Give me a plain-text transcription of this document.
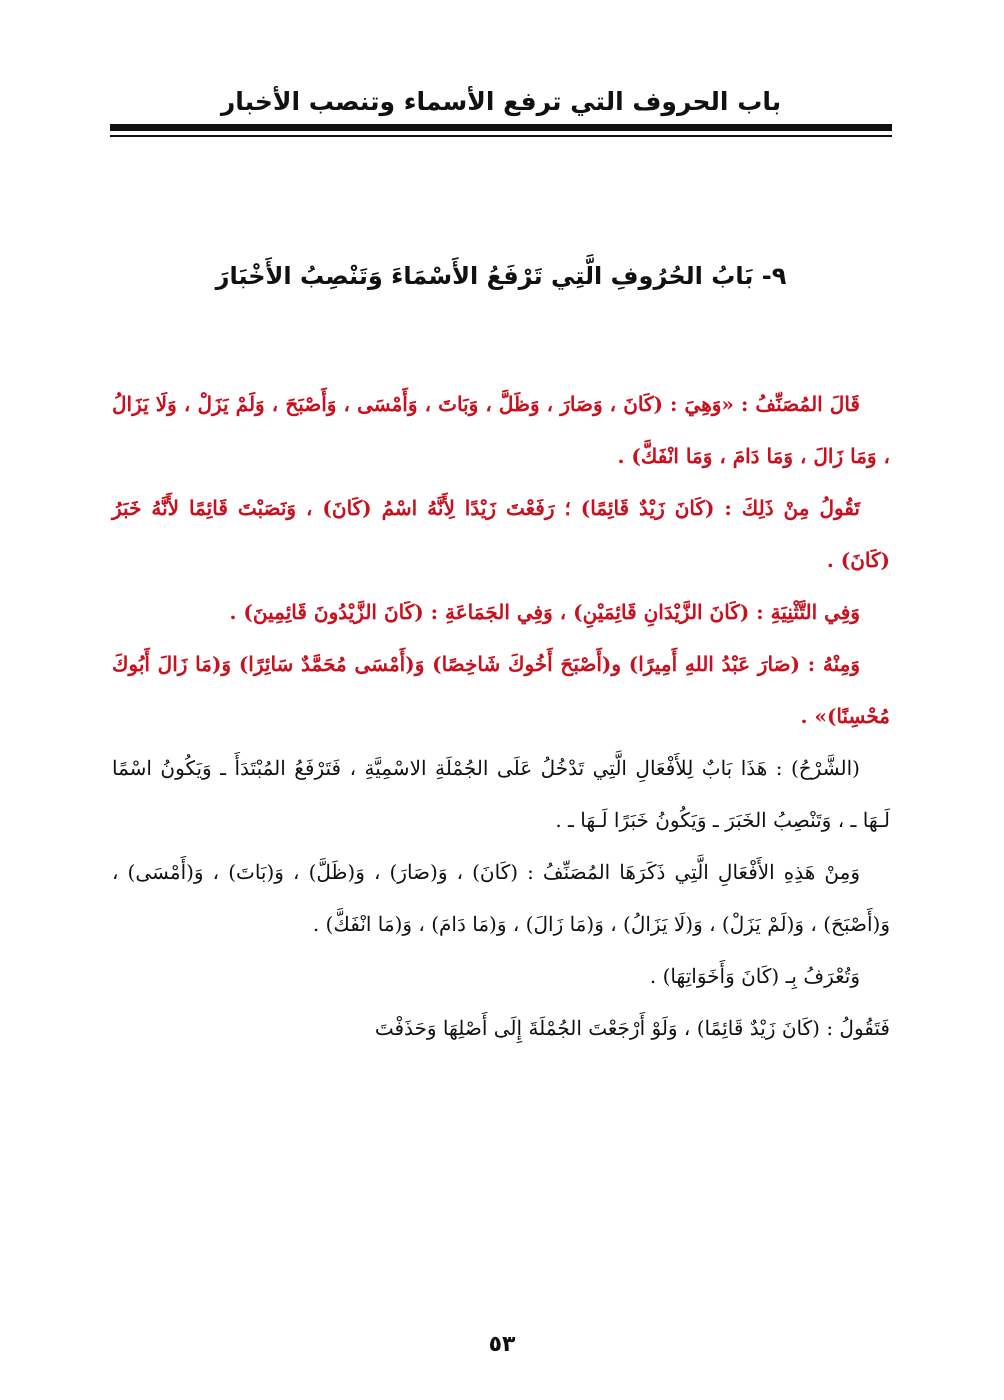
باب الحروف التي ترفع الأسماء وتنصب الأخبار
٩- بَابُ الحُرُوفِ الَّتِي تَرْفَعُ الأَسْمَاءَ وَتَنْصِبُ الأَخْبَارَ

قَالَ المُصَنِّفُ : «وَهِيَ : (كَانَ ، وَصَارَ ، وَظَلَّ ، وَبَاتَ ، وَأَمْسَى ، وَأَصْبَحَ ، وَلَمْ يَزَلْ ، وَلَا يَزَالُ ، وَمَا زَالَ ، وَمَا دَامَ ، وَمَا انْفَكَّ) .

تَقُولُ مِنْ ذَلِكَ : (كَانَ زَيْدٌ قَائِمًا) ؛ رَفَعْتَ زَيْدًا لِأَنَّهُ اسْمُ (كَانَ) ، وَنَصَبْتَ قَائِمًا لأَنَّهُ خَبَرُ (كَانَ) .

وَفِي التَّثْنِيَةِ : (كَانَ الزَّيْدَانِ قَائِمَيْنِ) ، وَفِي الجَمَاعَةِ : (كَانَ الزَّيْدُونَ قَائِمِينَ) .

وَمِنْهُ : (صَارَ عَبْدُ اللهِ أَمِيرًا) و(أَصْبَحَ أَخُوكَ شَاخِصًا) وَ(أَمْسَى مُحَمَّدٌ سَائِرًا) وَ(مَا زَالَ أَبُوكَ مُحْسِنًا)» .

(الشَّرْحُ) : هَذَا بَابٌ لِلأَفْعَالِ الَّتِي تَدْخُلُ عَلَى الجُمْلَةِ الاسْمِيَّةِ ، فَتَرْفَعُ المُبْتَدَأَ ـ وَيَكُونُ اسْمًا لَـهَا ـ ، وَتَنْصِبُ الخَبَرَ ـ وَيَكُونُ خَبَرًا لَـهَا ـ .

وَمِنْ هَذِهِ الأَفْعَالِ الَّتِي ذَكَرَهَا المُصَنِّفُ : (كَانَ) ، وَ(صَارَ) ، وَ(ظَلَّ) ، وَ(بَاتَ) ، وَ(أَمْسَى) ، وَ(أَصْبَحَ) ، وَ(لَمْ يَزَلْ) ، وَ(لَا يَزَالُ) ، وَ(مَا زَالَ) ، وَ(مَا دَامَ) ، وَ(مَا انْفَكَّ) .

وَتُعْرَفُ بِـ (كَانَ وَأَخَوَاتِهَا) .

فَتَقُولُ : (كَانَ زَيْدٌ قَائِمًا) ، وَلَوْ أَرْجَعْتَ الجُمْلَةَ إِلَى أَصْلِهَا وَحَذَفْتَ

٥٣
